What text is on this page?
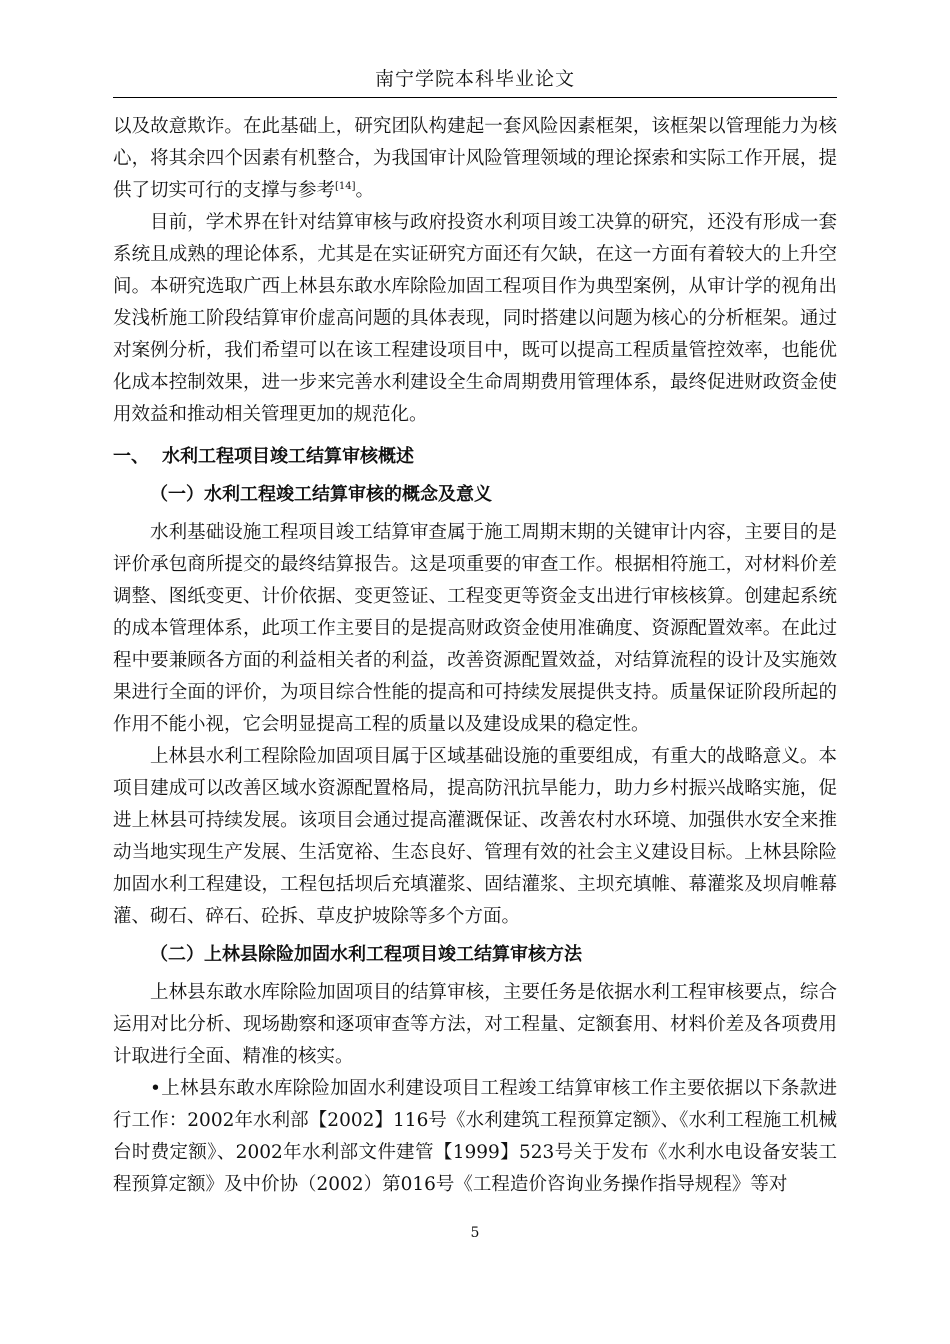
南宁学院本科毕业论文

以及故意欺诈。在此基础上，研究团队构建起一套风险因素框架，该框架以管理能力为核心，将其余四个因素有机整合，为我国审计风险管理领域的理论探索和实际工作开展，提供了切实可行的支撑与参考[14]。

目前，学术界在针对结算审核与政府投资水利项目竣工决算的研究，还没有形成一套系统且成熟的理论体系，尤其是在实证研究方面还有欠缺，在这一方面有着较大的上升空间。本研究选取广西上林县东敢水库除险加固工程项目作为典型案例，从审计学的视角出发浅析施工阶段结算审价虚高问题的具体表现，同时搭建以问题为核心的分析框架。通过对案例分析，我们希望可以在该工程建设项目中，既可以提高工程质量管控效率，也能优化成本控制效果，进一步来完善水利建设全生命周期费用管理体系，最终促进财政资金使用效益和推动相关管理更加的规范化。

一、 水利工程项目竣工结算审核概述
（一）水利工程竣工结算审核的概念及意义

水利基础设施工程项目竣工结算审查属于施工周期末期的关键审计内容，主要目的是评价承包商所提交的最终结算报告。这是项重要的审查工作。根据相符施工，对材料价差调整、图纸变更、计价依据、变更签证、工程变更等资金支出进行审核核算。创建起系统的成本管理体系，此项工作主要目的是提高财政资金使用准确度、资源配置效率。在此过程中要兼顾各方面的利益相关者的利益，改善资源配置效益，对结算流程的设计及实施效果进行全面的评价，为项目综合性能的提高和可持续发展提供支持。质量保证阶段所起的作用不能小视，它会明显提高工程的质量以及建设成果的稳定性。

上林县水利工程除险加固项目属于区域基础设施的重要组成，有重大的战略意义。本项目建成可以改善区域水资源配置格局，提高防汛抗旱能力，助力乡村振兴战略实施，促进上林县可持续发展。该项目会通过提高灌溉保证、改善农村水环境、加强供水安全来推动当地实现生产发展、生活宽裕、生态良好、管理有效的社会主义建设目标。上林县除险加固水利工程建设，工程包括坝后充填灌浆、固结灌浆、主坝充填帷、幕灌浆及坝肩帷幕灌、砌石、碎石、砼拆、草皮护坡除等多个方面。

（二）上林县除险加固水利工程项目竣工结算审核方法

上林县东敢水库除险加固项目的结算审核，主要任务是依据水利工程审核要点，综合运用对比分析、现场勘察和逐项审查等方法，对工程量、定额套用、材料价差及各项费用计取进行全面、精准的核实。

•上林县东敢水库除险加固水利建设项目工程竣工结算审核工作主要依据以下条款进行工作：2002年水利部【2002】116号《水利建筑工程预算定额》、《水利工程施工机械台时费定额》、2002年水利部文件建管【1999】523号关于发布《水利水电设备安装工程预算定额》及中价协（2002）第016号《工程造价咨询业务操作指导规程》等对

5
